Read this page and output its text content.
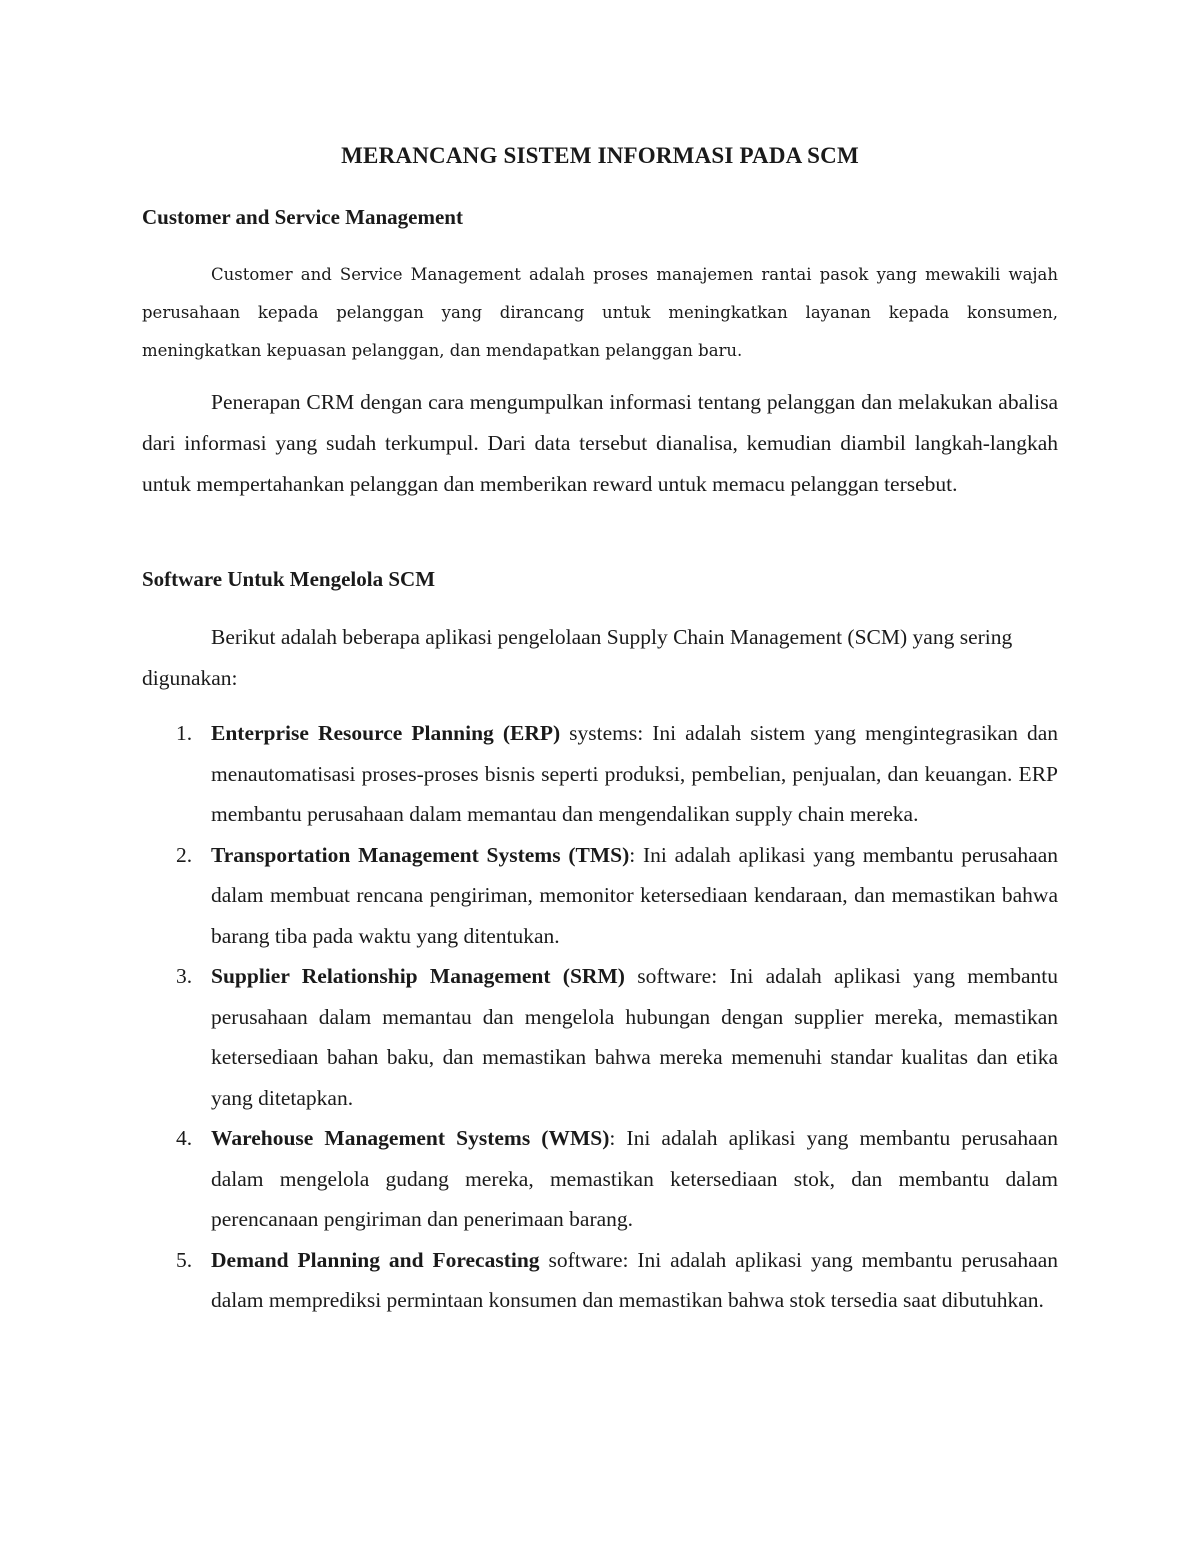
MERANCANG SISTEM INFORMASI PADA SCM
Customer and Service Management

Customer and Service Management adalah proses manajemen rantai pasok yang mewakili wajah perusahaan kepada pelanggan yang dirancang untuk meningkatkan layanan kepada konsumen, meningkatkan kepuasan pelanggan, dan mendapatkan pelanggan baru.

Penerapan CRM dengan cara mengumpulkan informasi tentang pelanggan dan melakukan abalisa dari informasi yang sudah terkumpul. Dari data tersebut dianalisa, kemudian diambil langkah-langkah untuk mempertahankan pelanggan dan memberikan reward untuk memacu pelanggan tersebut.

Software Untuk Mengelola SCM

Berikut adalah beberapa aplikasi pengelolaan Supply Chain Management (SCM) yang sering digunakan:

1. Enterprise Resource Planning (ERP) systems: Ini adalah sistem yang mengintegrasikan dan menautomatisasi proses-proses bisnis seperti produksi, pembelian, penjualan, dan keuangan. ERP membantu perusahaan dalam memantau dan mengendalikan supply chain mereka.
2. Transportation Management Systems (TMS): Ini adalah aplikasi yang membantu perusahaan dalam membuat rencana pengiriman, memonitor ketersediaan kendaraan, dan memastikan bahwa barang tiba pada waktu yang ditentukan.
3. Supplier Relationship Management (SRM) software: Ini adalah aplikasi yang membantu perusahaan dalam memantau dan mengelola hubungan dengan supplier mereka, memastikan ketersediaan bahan baku, dan memastikan bahwa mereka memenuhi standar kualitas dan etika yang ditetapkan.
4. Warehouse Management Systems (WMS): Ini adalah aplikasi yang membantu perusahaan dalam mengelola gudang mereka, memastikan ketersediaan stok, dan membantu dalam perencanaan pengiriman dan penerimaan barang.
5. Demand Planning and Forecasting software: Ini adalah aplikasi yang membantu perusahaan dalam memprediksi permintaan konsumen dan memastikan bahwa stok tersedia saat dibutuhkan.
